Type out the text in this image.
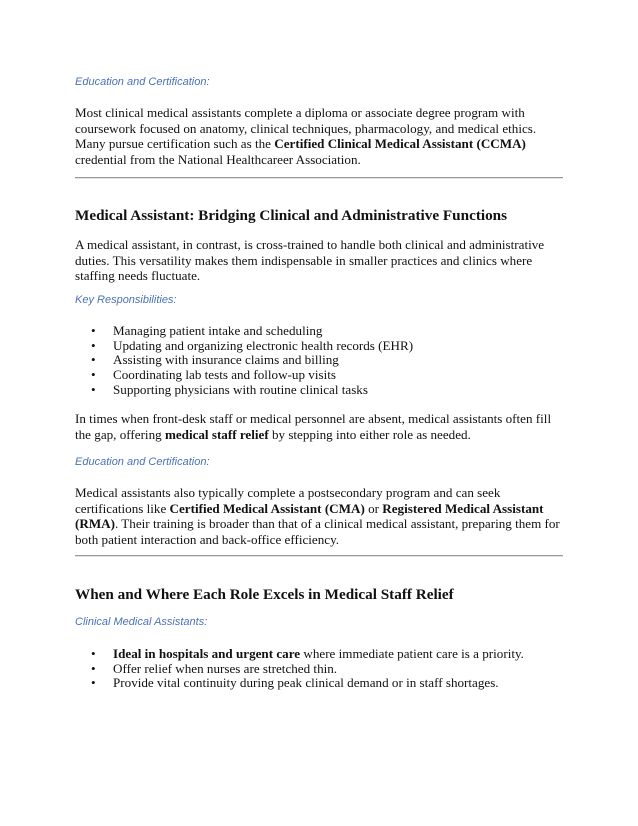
Education and Certification:

Most clinical medical assistants complete a diploma or associate degree program with coursework focused on anatomy, clinical techniques, pharmacology, and medical ethics. Many pursue certification such as the Certified Clinical Medical Assistant (CCMA) credential from the National Healthcareer Association.

Medical Assistant: Bridging Clinical and Administrative Functions

A medical assistant, in contrast, is cross-trained to handle both clinical and administrative duties. This versatility makes them indispensable in smaller practices and clinics where staffing needs fluctuate.

Key Responsibilities:

• Managing patient intake and scheduling
• Updating and organizing electronic health records (EHR)
• Assisting with insurance claims and billing
• Coordinating lab tests and follow-up visits
• Supporting physicians with routine clinical tasks

In times when front-desk staff or medical personnel are absent, medical assistants often fill the gap, offering medical staff relief by stepping into either role as needed.

Education and Certification:

Medical assistants also typically complete a postsecondary program and can seek certifications like Certified Medical Assistant (CMA) or Registered Medical Assistant (RMA). Their training is broader than that of a clinical medical assistant, preparing them for both patient interaction and back-office efficiency.

When and Where Each Role Excels in Medical Staff Relief

Clinical Medical Assistants:

• Ideal in hospitals and urgent care where immediate patient care is a priority.
• Offer relief when nurses are stretched thin.
• Provide vital continuity during peak clinical demand or in staff shortages.
